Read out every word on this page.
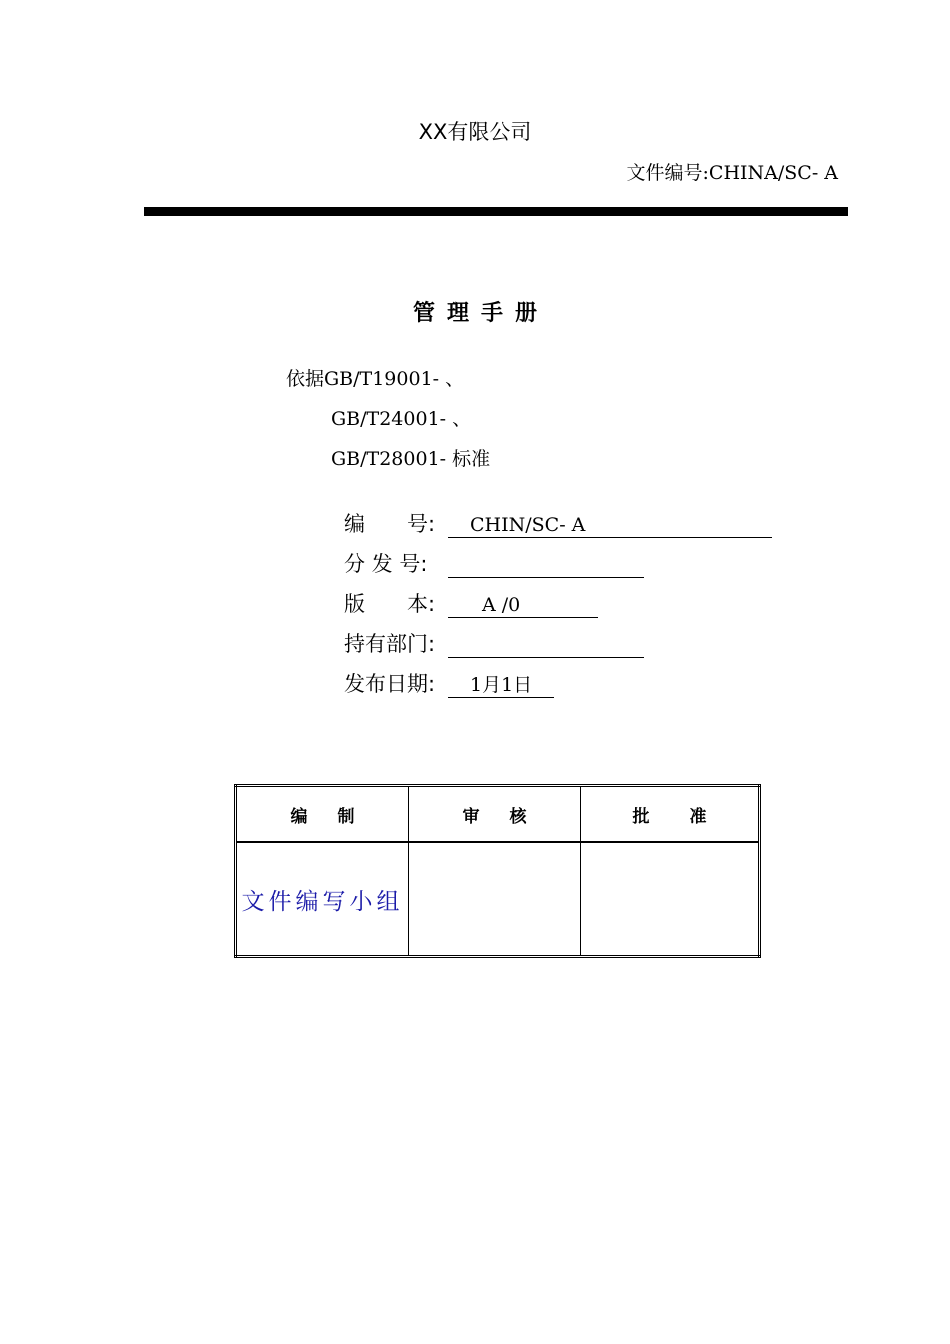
XX有限公司
文件编号:CHINA/SC- A
管理手册
依据GB/T19001- 、
GB/T24001- 、
GB/T28001- 标准
编　　号:	CHIN/SC- A
分 发 号:
版　　本:	A /0
持有部门:
发布日期:	1月1日
编制	审核	批准
文件编写小组		
